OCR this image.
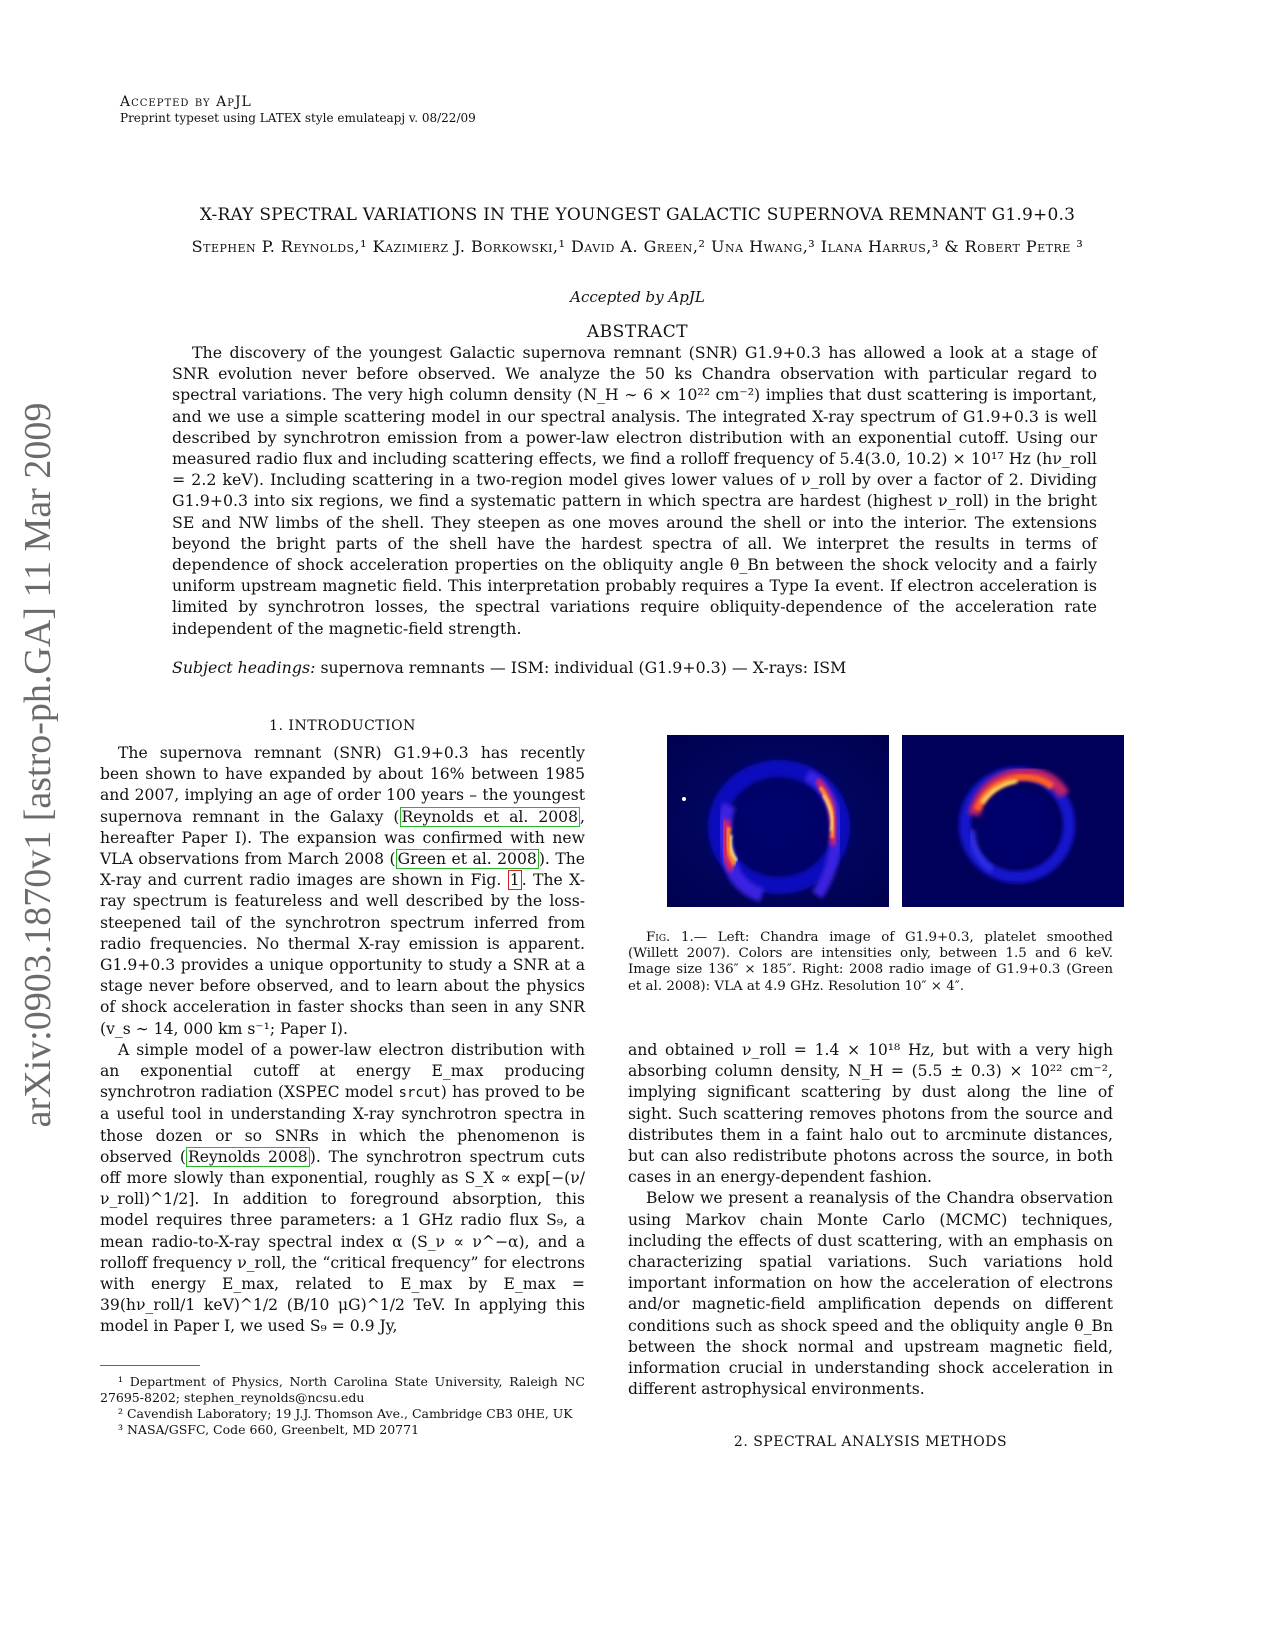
Accepted by ApJL
Preprint typeset using LATEX style emulateapj v. 08/22/09
arXiv:0903.1870v1 [astro-ph.GA] 11 Mar 2009
X-RAY SPECTRAL VARIATIONS IN THE YOUNGEST GALACTIC SUPERNOVA REMNANT G1.9+0.3
Stephen P. Reynolds,¹ Kazimierz J. Borkowski,¹ David A. Green,² Una Hwang,³ Ilana Harrus,³ & Robert Petre ³
Accepted by ApJL
ABSTRACT
The discovery of the youngest Galactic supernova remnant (SNR) G1.9+0.3 has allowed a look at a stage of SNR evolution never before observed. We analyze the 50 ks Chandra observation with particular regard to spectral variations. The very high column density (N_H ∼ 6 × 10²² cm⁻²) implies that dust scattering is important, and we use a simple scattering model in our spectral analysis. The integrated X-ray spectrum of G1.9+0.3 is well described by synchrotron emission from a power-law electron distribution with an exponential cutoff. Using our measured radio flux and including scattering effects, we find a rolloff frequency of 5.4(3.0, 10.2) × 10¹⁷ Hz (hν_roll = 2.2 keV). Including scattering in a two-region model gives lower values of ν_roll by over a factor of 2. Dividing G1.9+0.3 into six regions, we find a systematic pattern in which spectra are hardest (highest ν_roll) in the bright SE and NW limbs of the shell. They steepen as one moves around the shell or into the interior. The extensions beyond the bright parts of the shell have the hardest spectra of all. We interpret the results in terms of dependence of shock acceleration properties on the obliquity angle θ_Bn between the shock velocity and a fairly uniform upstream magnetic field. This interpretation probably requires a Type Ia event. If electron acceleration is limited by synchrotron losses, the spectral variations require obliquity-dependence of the acceleration rate independent of the magnetic-field strength.
Subject headings: supernova remnants — ISM: individual (G1.9+0.3) — X-rays: ISM
1. INTRODUCTION

The supernova remnant (SNR) G1.9+0.3 has recently been shown to have expanded by about 16% between 1985 and 2007, implying an age of order 100 years – the youngest supernova remnant in the Galaxy ( Reynolds et al. 2008 , hereafter Paper I). The expansion was confirmed with new VLA observations from March 2008 ( Green et al. 2008 ). The X-ray and current radio images are shown in Fig. 1 . The X-ray spectrum is featureless and well described by the loss-steepened tail of the synchrotron spectrum inferred from radio frequencies. No thermal X-ray emission is apparent. G1.9+0.3 provides a unique opportunity to study a SNR at a stage never before observed, and to learn about the physics of shock acceleration in faster shocks than seen in any SNR (v_s ∼ 14, 000 km s⁻¹; Paper I).

A simple model of a power-law electron distribution with an exponential cutoff at energy E_max producing synchrotron radiation (XSPEC model srcut) has proved to be a useful tool in understanding X-ray synchrotron spectra in those dozen or so SNRs in which the phenomenon is observed ( Reynolds 2008 ). The synchrotron spectrum cuts off more slowly than exponential, roughly as S_X ∝ exp[−(ν/ν_roll)^1/2]. In addition to foreground absorption, this model requires three parameters: a 1 GHz radio flux S₉, a mean radio-to-X-ray spectral index α (S_ν ∝ ν^−α), and a rolloff frequency ν_roll, the “critical frequency” for electrons with energy E_max, related to E_max by E_max = 39(hν_roll/1 keV)^1/2 (B/10 μG)^1/2 TeV. In applying this model in Paper I, we used S₉ = 0.9 Jy,

¹ Department of Physics, North Carolina State University, Raleigh NC 27695-8202; stephen_reynolds@ncsu.edu
² Cavendish Laboratory; 19 J.J. Thomson Ave., Cambridge CB3 0HE, UK
³ NASA/GSFC, Code 660, Greenbelt, MD 20771
Fig. 1.— Left: Chandra image of G1.9+0.3, platelet smoothed (Willett 2007). Colors are intensities only, between 1.5 and 6 keV. Image size 136″ × 185″. Right: 2008 radio image of G1.9+0.3 (Green et al. 2008): VLA at 4.9 GHz. Resolution 10″ × 4″.

and obtained ν_roll = 1.4 × 10¹⁸ Hz, but with a very high absorbing column density, N_H = (5.5 ± 0.3) × 10²² cm⁻², implying significant scattering by dust along the line of sight. Such scattering removes photons from the source and distributes them in a faint halo out to arcminute distances, but can also redistribute photons across the source, in both cases in an energy-dependent fashion.

Below we present a reanalysis of the Chandra observation using Markov chain Monte Carlo (MCMC) techniques, including the effects of dust scattering, with an emphasis on characterizing spatial variations. Such variations hold important information on how the acceleration of electrons and/or magnetic-field amplification depends on different conditions such as shock speed and the obliquity angle θ_Bn between the shock normal and upstream magnetic field, information crucial in understanding shock acceleration in different astrophysical environments.

2. SPECTRAL ANALYSIS METHODS
